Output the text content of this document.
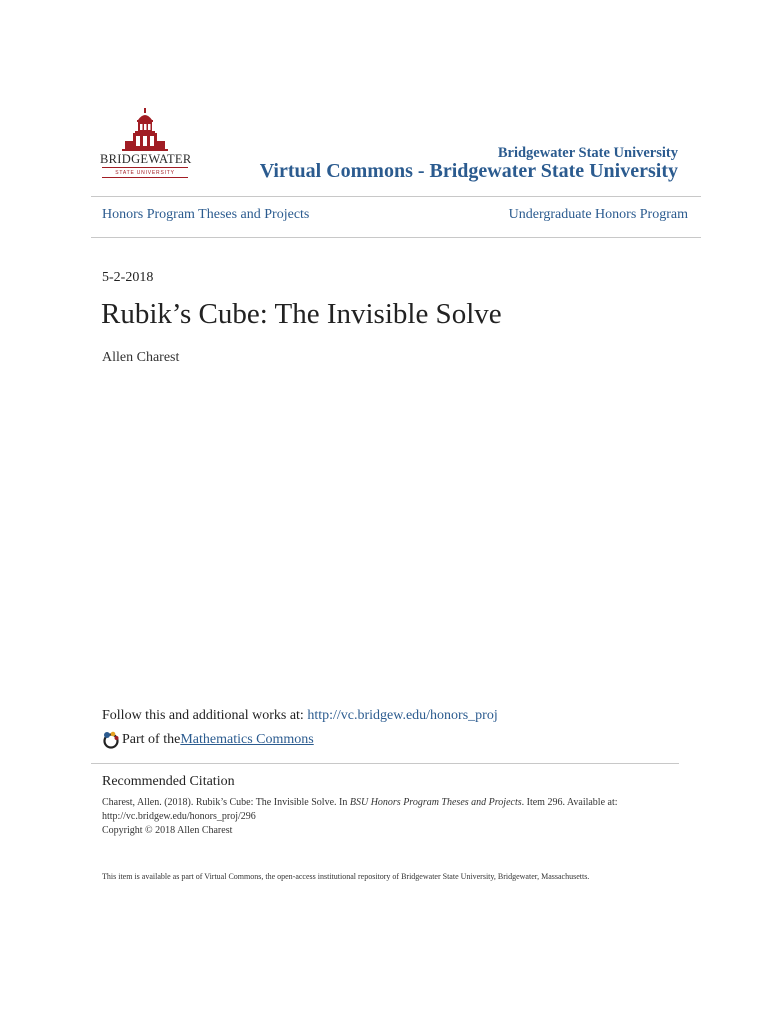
BRIDGEWATER
STATE UNIVERSITY
Bridgewater State University
Virtual Commons - Bridgewater State University
Honors Program Theses and Projects	Undergraduate Honors Program
5-2-2018
Rubik’s Cube: The Invisible Solve
Allen Charest
Follow this and additional works at: http://vc.bridgew.edu/honors_proj
Part of the Mathematics Commons
Recommended Citation
Charest, Allen. (2018). Rubik’s Cube: The Invisible Solve. In BSU Honors Program Theses and Projects. Item 296. Available at:
http://vc.bridgew.edu/honors_proj/296
Copyright © 2018 Allen Charest
This item is available as part of Virtual Commons, the open-access institutional repository of Bridgewater State University, Bridgewater, Massachusetts.
